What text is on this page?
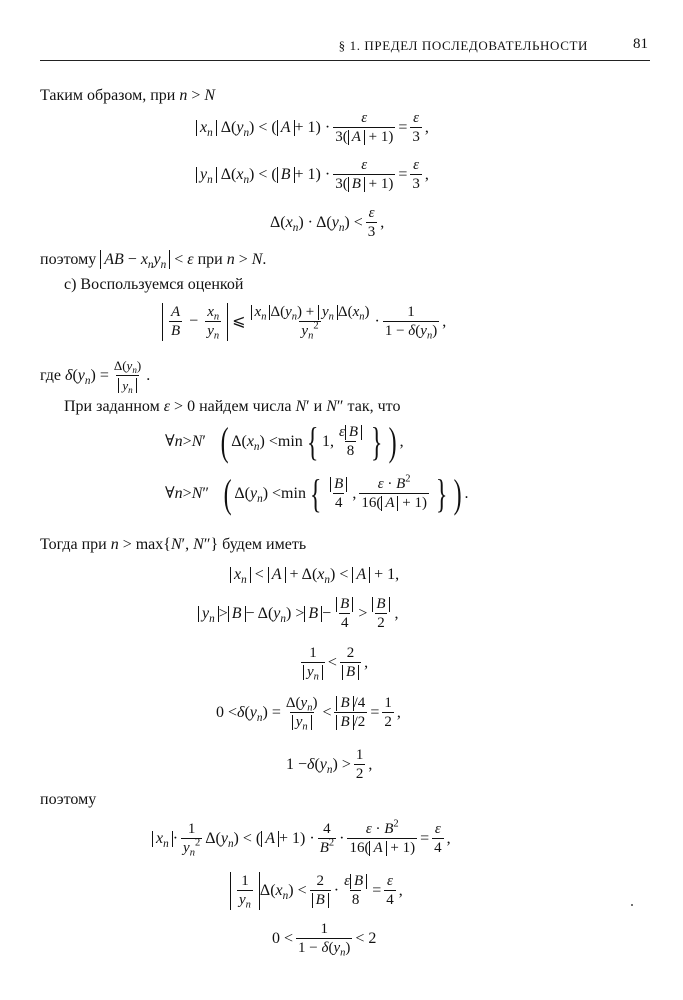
§ 1. ПРЕДЕЛ ПОСЛЕДОВАТЕЛЬНОСТИ	81
Таким образом, при n > N
$x_n$ Δ( $y_n$ ) < ( $A + 1) \cdot \frac{\varepsilon}{3( A + 1)} = \frac{\varepsilon}{3}$ ,
$y_n$ Δ( $x_n$ ) < ( $B + 1) \cdot \frac{\varepsilon}{3( B + 1)} = \frac{\varepsilon}{3}$ ,
Δ( $x_n$ ) · Δ( $y_n$ ) < $\frac{\varepsilon}{3}$ ,
поэтому AB − $x_ny_n < \varepsilon$ при n > N.
с) Воспользуемся оценкой
$\frac{A}{B} - \frac{x_n}{y_n}$ ⩽ $\frac{x_n \Delta(y_n) + y_n \Delta(x_n)}{y_n^2} \cdot \frac{1}{1 - \delta(y_n)}$ ,
где
δ ( $y_n$ ) = $\frac{\Delta(y_n)}{y_n}$ .
При заданном ε > 0 найдем числа N′ и N″ так, что
∀ n > N ′ ( Δ( $x_n$ ) < min { 1, $\frac{\text{ε B}}{8}$ } ) ,
∀ n > N ″ ( Δ( $y_n$ ) < min { $\frac{B}{4}$ , $\frac{\varepsilon \cdot B^2}{16( A + 1)}$ } ) .
Тогда при n > max{N′, N″} будем иметь
$x_n < A + \Delta(x_n) < A + 1$,
$y_n > B - \Delta$( $y_n$ ) > $B - \frac{B}{4} > \frac{B}{2}$ ,
$\frac{1}{y_n} < \frac{2}{B}$ ,
0 < δ ( $y_n$ ) = $\frac{\Delta(y_n)}{y_n} < \frac{B /4}{B /2} = \frac{1}{2}$ ,
1 − δ ( $y_n$ ) > $\frac{1}{2}$ ,
поэтому
$x_n \cdot \frac{1}{y_n^2} \Delta$( $y_n$ ) < ( $A + 1) \cdot \frac{4}{B^2} \cdot \frac{\varepsilon \cdot B^2}{16( A + 1)} = \frac{\varepsilon}{4}$ ,
$\frac{1}{y_n} \Delta$( $x_n$ ) < $\frac{2}{B} \cdot \frac{\text{ε B}}{8} = \frac{\varepsilon}{4}$ ,
$0 < \frac{1}{1 - \delta(y_n)} < 2$
